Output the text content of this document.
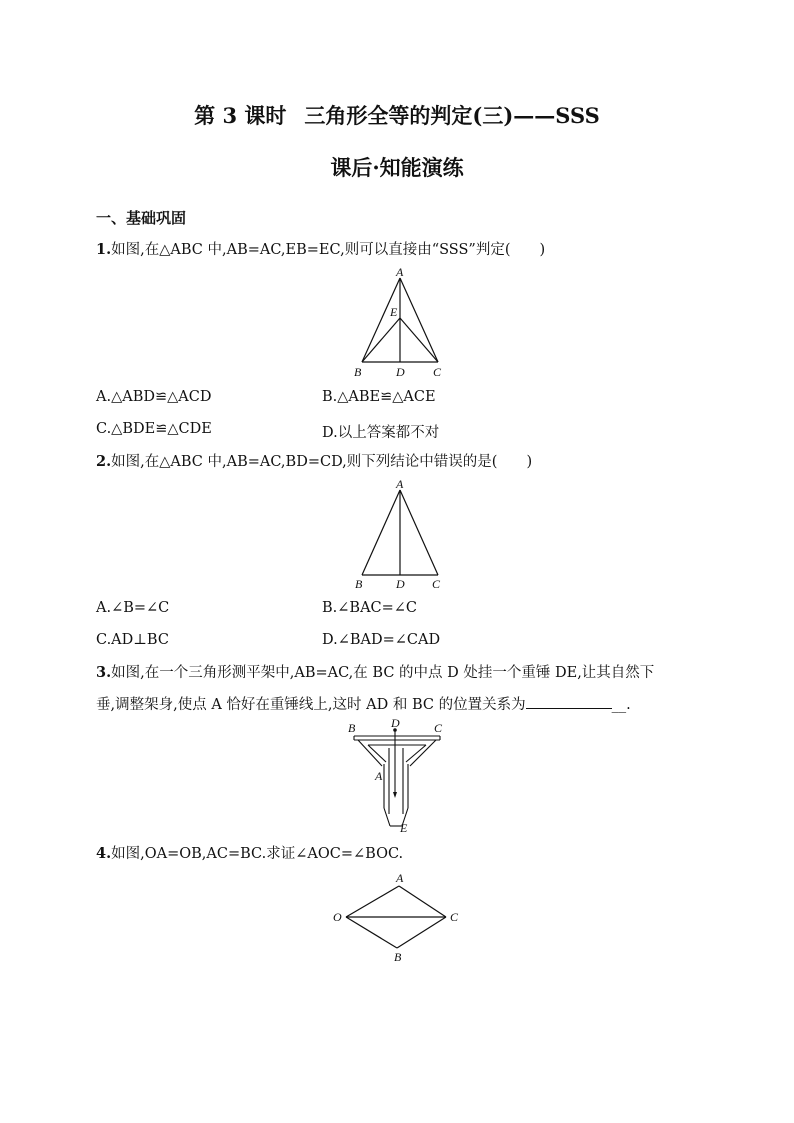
第 3 课时 三角形全等的判定(三)——SSS
课后·知能演练
一、基础巩固
1.如图,在△ABC 中,AB=AC,EB=EC,则可以直接由“SSS”判定(　　)
A
E
B	D C
A.△ABD≌△ACD	B.△ABE≌△ACE
C.△BDE≌△CDE	D.以上答案都不对
2.如图,在△ABC 中,AB=AC,BD=CD,则下列结论中错误的是(　　)
A
B	D C
A.∠B=∠C	B.∠BAC=∠C
C.AD⊥BC	D.∠BAD=∠CAD
3.如图,在一个三角形测平架中,AB=AC,在 BC 的中点 D 处挂一个重锤 DE,让其自然下
垂,调整架身,使点 A 恰好在重锤线上,这时 AD 和 BC 的位置关系为	__.
B	D	C
A
E
4.如图,OA=OB,AC=BC.求证∠AOC=∠BOC.
A
O	C
B
